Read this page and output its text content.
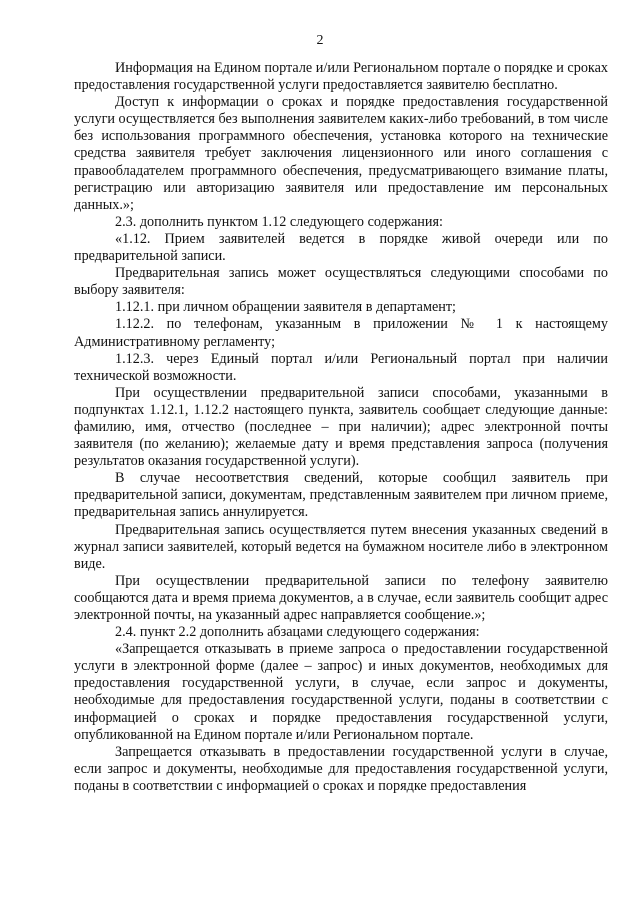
2

Информация на Едином портале и/или Региональном портале о порядке и сроках предоставления государственной услуги предоставляется заявителю бесплатно.

Доступ к информации о сроках и порядке предоставления государственной услуги осуществляется без выполнения заявителем каких-либо требований, в том числе без использования программного обеспечения, установка которого на технические средства заявителя требует заключения лицензионного или иного соглашения с правообладателем программного обеспечения, предусматривающего взимание платы, регистрацию или авторизацию заявителя или предоставление им персональных данных.»;

2.3. дополнить пунктом 1.12 следующего содержания:

«1.12. Прием заявителей ведется в порядке живой очереди или по предварительной записи.

Предварительная запись может осуществляться следующими способами по выбору заявителя:

1.12.1. при личном обращении заявителя в департамент;

1.12.2. по телефонам, указанным в приложении № 1 к настоящему Административному регламенту;

1.12.3. через Единый портал и/или Региональный портал при наличии технической возможности.

При осуществлении предварительной записи способами, указанными в подпунктах 1.12.1, 1.12.2 настоящего пункта, заявитель сообщает следующие данные: фамилию, имя, отчество (последнее – при наличии); адрес электронной почты заявителя (по желанию); желаемые дату и время представления запроса (получения результатов оказания государственной услуги).

В случае несоответствия сведений, которые сообщил заявитель при предварительной записи, документам, представленным заявителем при личном приеме, предварительная запись аннулируется.

Предварительная запись осуществляется путем внесения указанных сведений в журнал записи заявителей, который ведется на бумажном носителе либо в электронном виде.

При осуществлении предварительной записи по телефону заявителю сообщаются дата и время приема документов, а в случае, если заявитель сообщит адрес электронной почты, на указанный адрес направляется сообщение.»;

2.4. пункт 2.2 дополнить абзацами следующего содержания:

«Запрещается отказывать в приеме запроса о предоставлении государственной услуги в электронной форме (далее – запрос) и иных документов, необходимых для предоставления государственной услуги, в случае, если запрос и документы, необходимые для предоставления государственной услуги, поданы в соответствии с информацией о сроках и порядке предоставления государственной услуги, опубликованной на Едином портале и/или Региональном портале.

Запрещается отказывать в предоставлении государственной услуги в случае, если запрос и документы, необходимые для предоставления государственной услуги, поданы в соответствии с информацией о сроках и порядке предоставления
